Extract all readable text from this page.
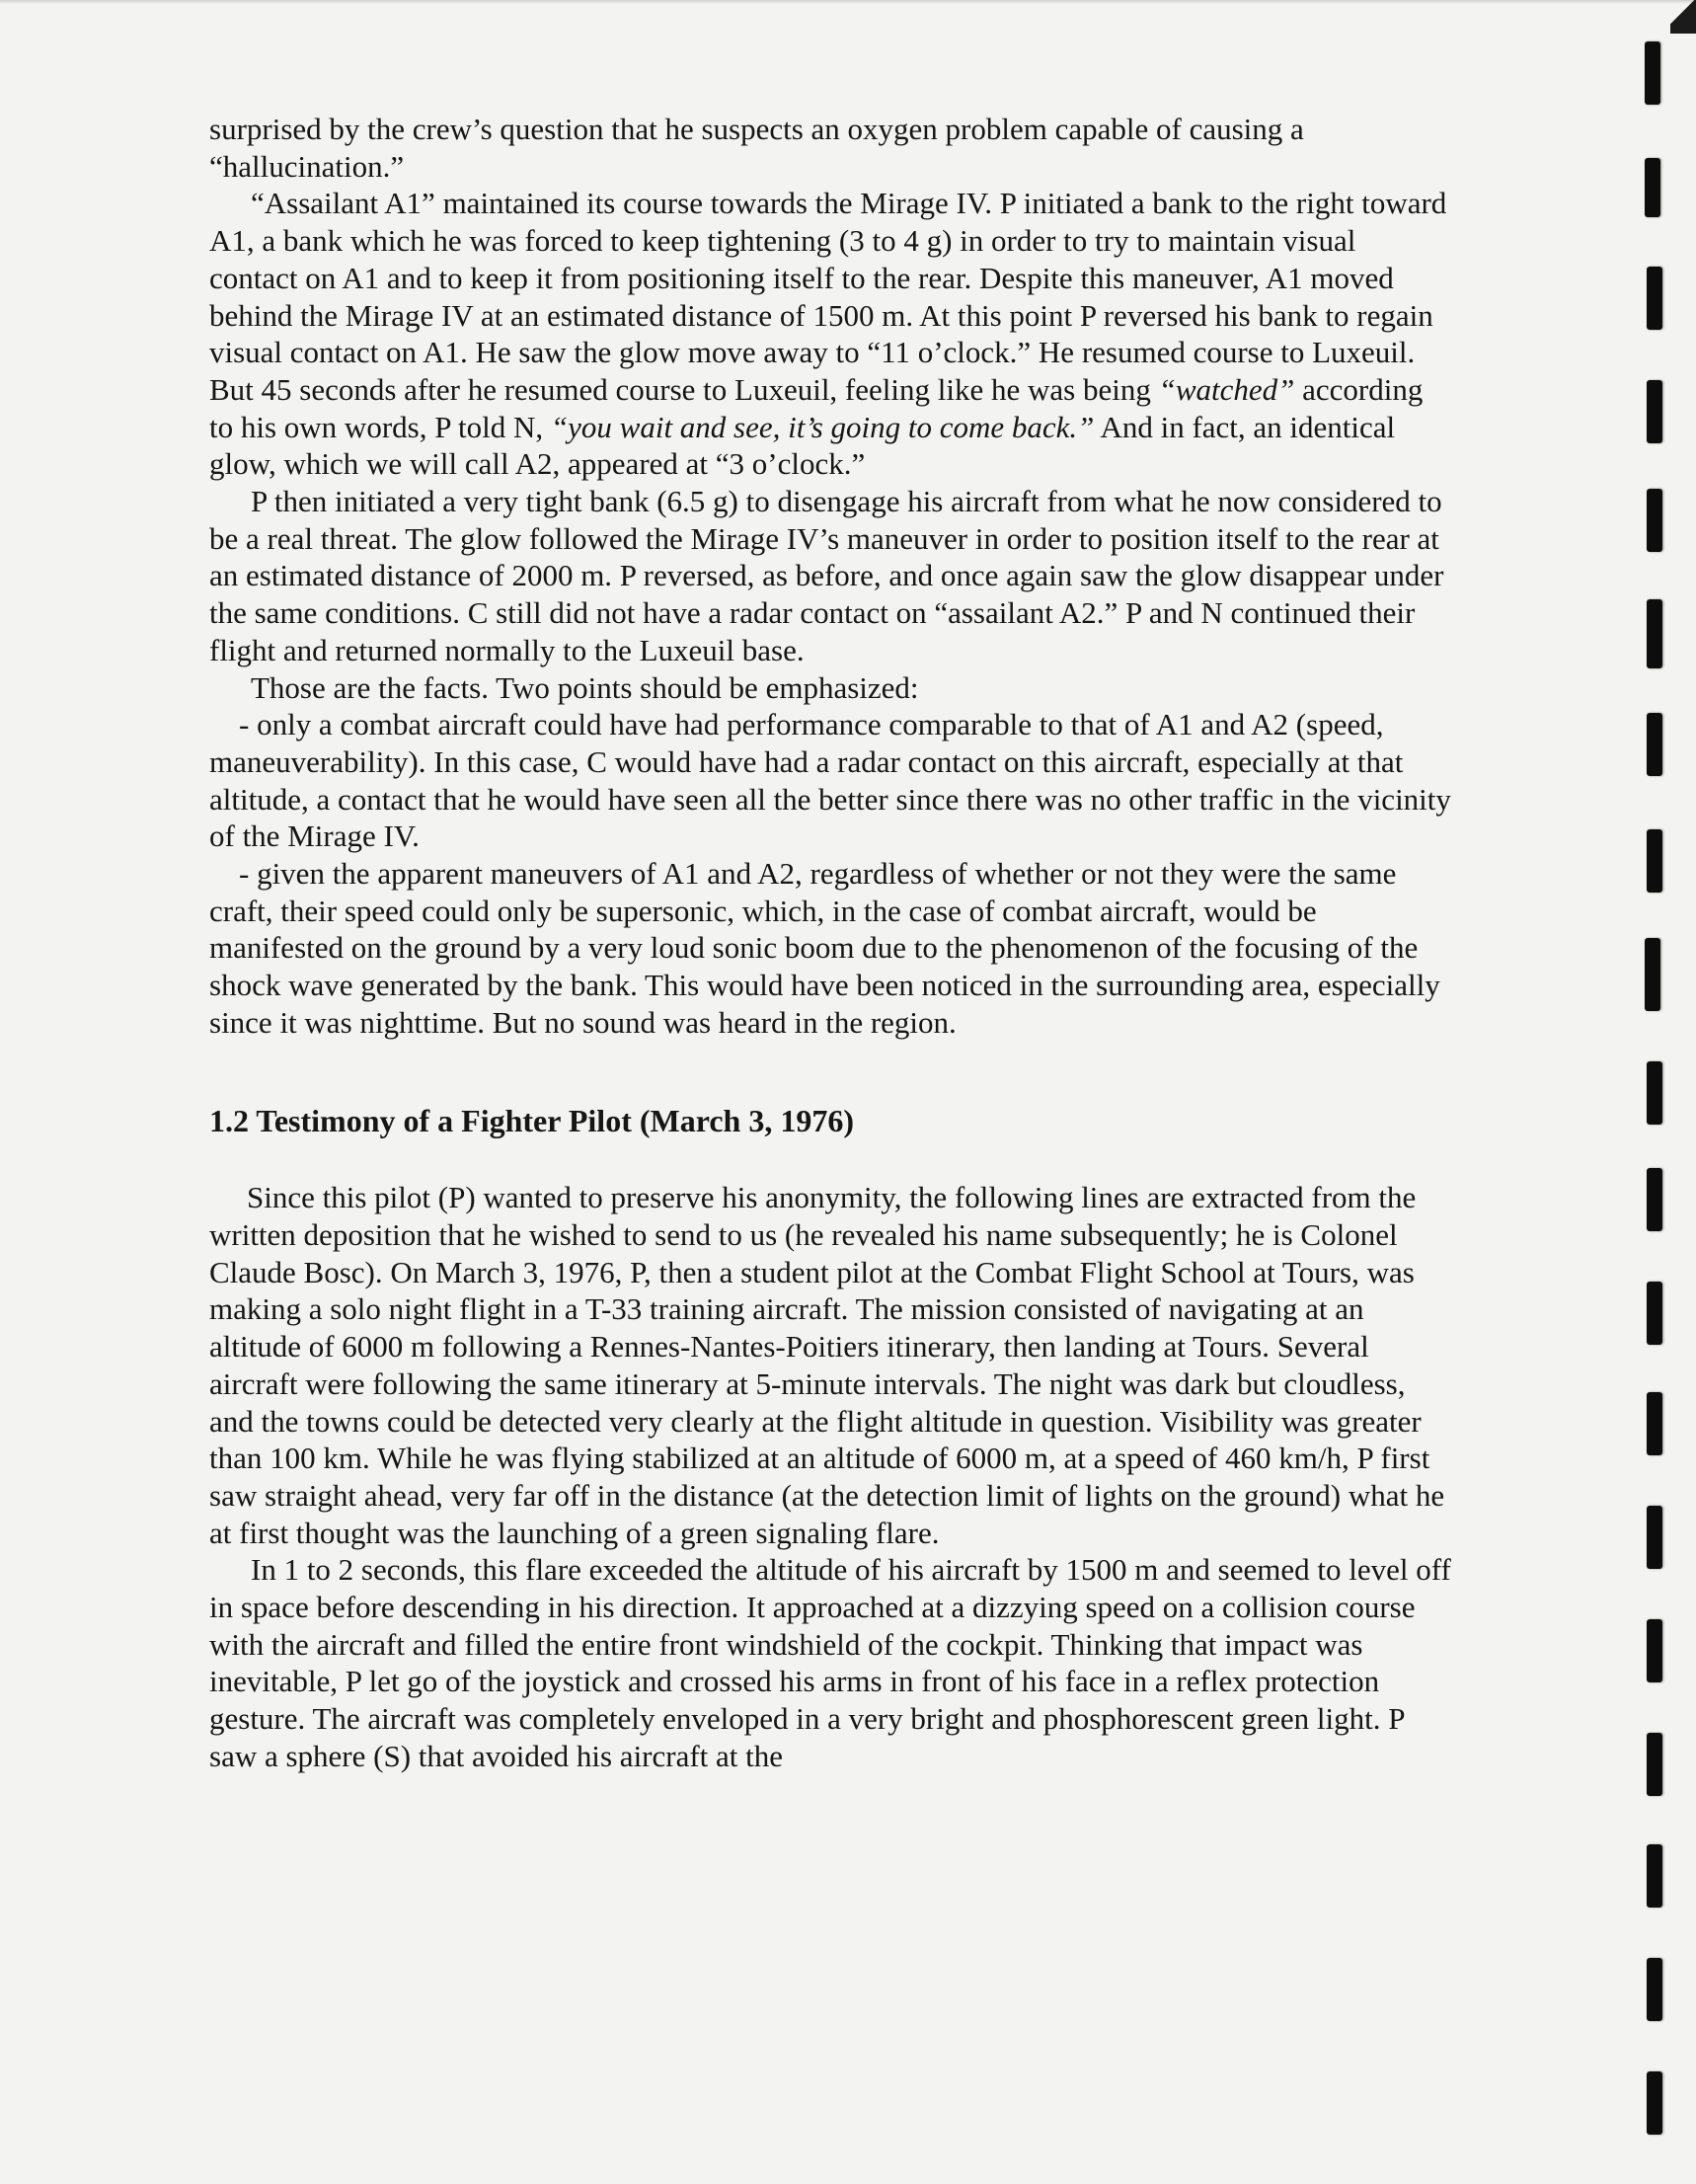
surprised by the crew’s question that he suspects an oxygen problem capable of causing a “hallucination.”

“Assailant A1” maintained its course towards the Mirage IV. P initiated a bank to the right toward A1, a bank which he was forced to keep tightening (3 to 4 g) in order to try to maintain visual contact on A1 and to keep it from positioning itself to the rear. Despite this maneuver, A1 moved behind the Mirage IV at an estimated distance of 1500 m. At this point P reversed his bank to regain visual contact on A1. He saw the glow move away to “11 o’clock.” He resumed course to Luxeuil. But 45 seconds after he resumed course to Luxeuil, feeling like he was being “watched” according to his own words, P told N, “you wait and see, it’s going to come back.” And in fact, an identical glow, which we will call A2, appeared at “3 o’clock.”

P then initiated a very tight bank (6.5 g) to disengage his aircraft from what he now considered to be a real threat. The glow followed the Mirage IV’s maneuver in order to position itself to the rear at an estimated distance of 2000 m. P reversed, as before, and once again saw the glow disappear under the same conditions. C still did not have a radar contact on “assailant A2.” P and N continued their flight and returned normally to the Luxeuil base.

Those are the facts. Two points should be emphasized:

- only a combat aircraft could have had performance comparable to that of A1 and A2 (speed, maneuverability). In this case, C would have had a radar contact on this aircraft, especially at that altitude, a contact that he would have seen all the better since there was no other traffic in the vicinity of the Mirage IV.

- given the apparent maneuvers of A1 and A2, regardless of whether or not they were the same craft, their speed could only be supersonic, which, in the case of combat aircraft, would be manifested on the ground by a very loud sonic boom due to the phenomenon of the focusing of the shock wave generated by the bank. This would have been noticed in the surrounding area, especially since it was nighttime. But no sound was heard in the region.

1.2 Testimony of a Fighter Pilot (March 3, 1976)

Since this pilot (P) wanted to preserve his anonymity, the following lines are extracted from the written deposition that he wished to send to us (he revealed his name subsequently; he is Colonel Claude Bosc). On March 3, 1976, P, then a student pilot at the Combat Flight School at Tours, was making a solo night flight in a T-33 training aircraft. The mission consisted of navigating at an altitude of 6000 m following a Rennes-Nantes-Poitiers itinerary, then landing at Tours. Several aircraft were following the same itinerary at 5-minute intervals. The night was dark but cloudless, and the towns could be detected very clearly at the flight altitude in question. Visibility was greater than 100 km. While he was flying stabilized at an altitude of 6000 m, at a speed of 460 km/h, P first saw straight ahead, very far off in the distance (at the detection limit of lights on the ground) what he at first thought was the launching of a green signaling flare.

In 1 to 2 seconds, this flare exceeded the altitude of his aircraft by 1500 m and seemed to level off in space before descending in his direction. It approached at a dizzying speed on a collision course with the aircraft and filled the entire front windshield of the cockpit. Thinking that impact was inevitable, P let go of the joystick and crossed his arms in front of his face in a reflex protection gesture. The aircraft was completely enveloped in a very bright and phosphorescent green light. P saw a sphere (S) that avoided his aircraft at the
